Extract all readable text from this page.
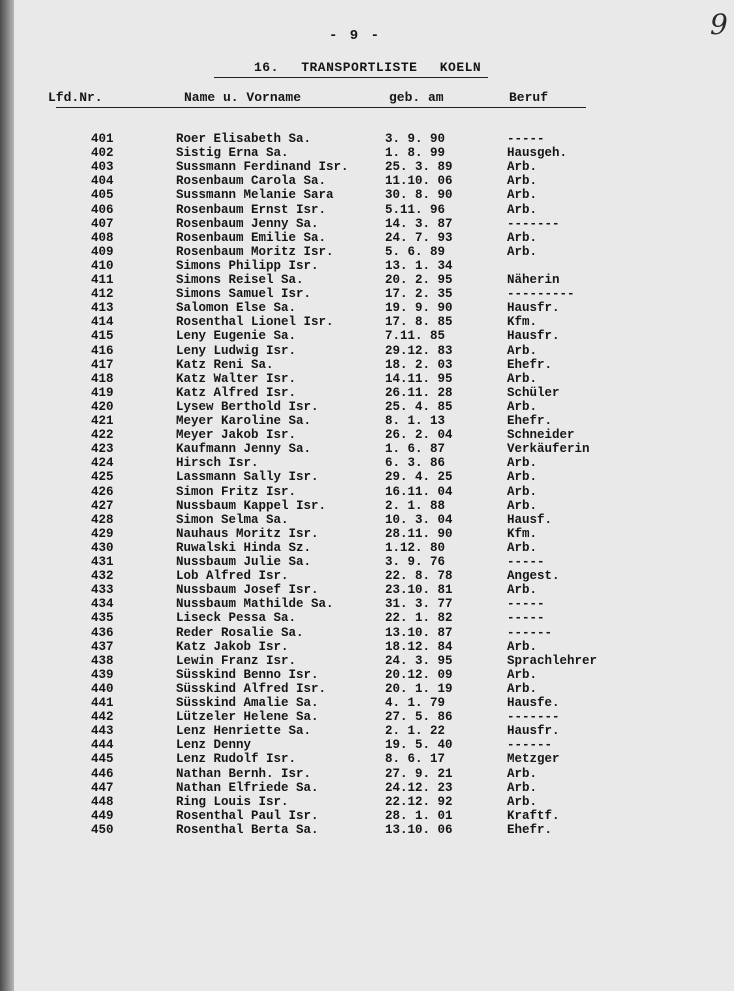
9
- 9 -
16. TRANSPORTLISTE KOELN
Lfd.Nr.	Name u. Vorname	geb. am	Beruf
401	Roer Elisabeth Sa.	3. 9. 90	-----
402	Sistig Erna Sa.	1. 8. 99	Hausgeh.
403	Sussmann Ferdinand Isr.	25. 3. 89	Arb.
404	Rosenbaum Carola Sa.	11.10. 06	Arb.
405	Sussmann Melanie Sara	30. 8. 90	Arb.
406	Rosenbaum Ernst Isr.	5.11. 96	Arb.
407	Rosenbaum Jenny Sa.	14. 3. 87	-------
408	Rosenbaum Emilie Sa.	24. 7. 93	Arb.
409	Rosenbaum Moritz Isr.	5. 6. 89	Arb.
410	Simons Philipp Isr.	13. 1. 34
411	Simons Reisel Sa.	20. 2. 95	Näherin
412	Simons Samuel Isr.	17. 2. 35	---------
413	Salomon Else Sa.	19. 9. 90	Hausfr.
414	Rosenthal Lionel Isr.	17. 8. 85	Kfm.
415	Leny Eugenie Sa.	7.11. 85	Hausfr.
416	Leny Ludwig Isr.	29.12. 83	Arb.
417	Katz Reni Sa.	18. 2. 03	Ehefr.
418	Katz Walter Isr.	14.11. 95	Arb.
419	Katz Alfred Isr.	26.11. 28	Schüler
420	Lysew Berthold Isr.	25. 4. 85	Arb.
421	Meyer Karoline Sa.	8. 1. 13	Ehefr.
422	Meyer Jakob Isr.	26. 2. 04	Schneider
423	Kaufmann Jenny Sa.	1. 6. 87	Verkäuferin
424	Hirsch Isr.	6. 3. 86	Arb.
425	Lassmann Sally Isr.	29. 4. 25	Arb.
426	Simon Fritz Isr.	16.11. 04	Arb.
427	Nussbaum Kappel Isr.	2. 1. 88	Arb.
428	Simon Selma Sa.	10. 3. 04	Hausf.
429	Nauhaus Moritz Isr.	28.11. 90	Kfm.
430	Ruwalski Hinda Sz.	1.12. 80	Arb.
431	Nussbaum Julie Sa.	3. 9. 76	-----
432	Lob Alfred Isr.	22. 8. 78	Angest.
433	Nussbaum Josef Isr.	23.10. 81	Arb.
434	Nussbaum Mathilde Sa.	31. 3. 77	-----
435	Liseck Pessa Sa.	22. 1. 82	-----
436	Reder Rosalie Sa.	13.10. 87	------
437	Katz Jakob Isr.	18.12. 84	Arb.
438	Lewin Franz Isr.	24. 3. 95	Sprachlehrer
439	Süsskind Benno Isr.	20.12. 09	Arb.
440	Süsskind Alfred Isr.	20. 1. 19	Arb.
441	Süsskind Amalie Sa.	4. 1. 79	Hausfe.
442	Lützeler Helene Sa.	27. 5. 86	-------
443	Lenz Henriette Sa.	2. 1. 22	Hausfr.
444	Lenz Denny	19. 5. 40	------
445	Lenz Rudolf Isr.	8. 6. 17	Metzger
446	Nathan Bernh. Isr.	27. 9. 21	Arb.
447	Nathan Elfriede Sa.	24.12. 23	Arb.
448	Ring Louis Isr.	22.12. 92	Arb.
449	Rosenthal Paul Isr.	28. 1. 01	Kraftf.
450	Rosenthal Berta Sa.	13.10. 06	Ehefr.
